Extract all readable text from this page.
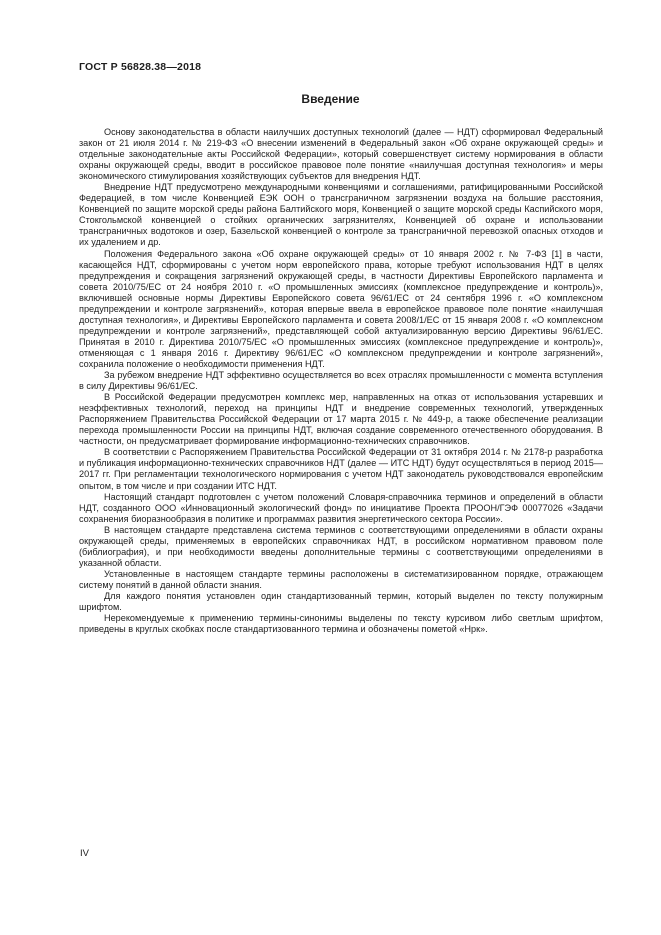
ГОСТ Р 56828.38—2018
Введение

Основу законодательства в области наилучших доступных технологий (далее — НДТ) сформировал Федеральный закон от 21 июля 2014 г. № 219-ФЗ «О внесении изменений в Федеральный закон «Об охране окружающей среды» и отдельные законодательные акты Российской Федерации», который совершенствует систему нормирования в области охраны окружающей среды, вводит в российское правовое поле понятие «наилучшая доступная технология» и меры экономического стимулирования хозяйствующих субъектов для внедрения НДТ.

Внедрение НДТ предусмотрено международными конвенциями и соглашениями, ратифицированными Российской Федерацией, в том числе Конвенцией ЕЭК ООН о трансграничном загрязнении воздуха на большие расстояния, Конвенцией по защите морской среды района Балтийского моря, Конвенцией о защите морской среды Каспийского моря, Стокгольмской конвенцией о стойких органических загрязнителях, Конвенцией об охране и использовании трансграничных водотоков и озер, Базельской конвенцией о контроле за трансграничной перевозкой опасных отходов и их удалением и др.

Положения Федерального закона «Об охране окружающей среды» от 10 января 2002 г. № 7-ФЗ [1] в части, касающейся НДТ, сформированы с учетом норм европейского права, которые требуют использования НДТ в целях предупреждения и сокращения загрязнений окружающей среды, в частности Директивы Европейского парламента и совета 2010/75/ЕС от 24 ноября 2010 г. «О промышленных эмиссиях (комплексное предупреждение и контроль)», включившей основные нормы Директивы Европейского совета 96/61/ЕС от 24 сентября 1996 г. «О комплексном предупреждении и контроле загрязнений», которая впервые ввела в европейское правовое поле понятие «наилучшая доступная технология», и Директивы Европейского парламента и совета 2008/1/ЕС от 15 января 2008 г. «О комплексном предупреждении и контроле загрязнений», представляющей собой актуализированную версию Директивы 96/61/ЕС. Принятая в 2010 г. Директива 2010/75/ЕС «О промышленных эмиссиях (комплексное предупреждение и контроль)», отменяющая с 1 января 2016 г. Директиву 96/61/ЕС «О комплексном предупреждении и контроле загрязнений», сохранила положение о необходимости применения НДТ.

За рубежом внедрение НДТ эффективно осуществляется во всех отраслях промышленности с момента вступления в силу Директивы 96/61/ЕС.

В Российской Федерации предусмотрен комплекс мер, направленных на отказ от использования устаревших и неэффективных технологий, переход на принципы НДТ и внедрение современных технологий, утвержденных Распоряжением Правительства Российской Федерации от 17 марта 2015 г. № 449-р, а также обеспечение реализации перехода промышленности России на принципы НДТ, включая создание современного отечественного оборудования. В частности, он предусматривает формирование информационно-технических справочников.

В соответствии с Распоряжением Правительства Российской Федерации от 31 октября 2014 г. № 2178-р разработка и публикация информационно-технических справочников НДТ (далее — ИТС НДТ) будут осуществляться в период 2015—2017 гг. При регламентации технологического нормирования с учетом НДТ законодатель руководствовался европейским опытом, в том числе и при создании ИТС НДТ.

Настоящий стандарт подготовлен с учетом положений Словаря-справочника терминов и определений в области НДТ, созданного ООО «Инновационный экологический фонд» по инициативе Проекта ПРООН/ГЭФ 00077026 «Задачи сохранения биоразнообразия в политике и программах развития энергетического сектора России».

В настоящем стандарте представлена система терминов с соответствующими определениями в области охраны окружающей среды, применяемых в европейских справочниках НДТ, в российском нормативном правовом поле (библиография), и при необходимости введены дополнительные термины с соответствующими определениями в указанной области.

Установленные в настоящем стандарте термины расположены в систематизированном порядке, отражающем систему понятий в данной области знания.

Для каждого понятия установлен один стандартизованный термин, который выделен по тексту полужирным шрифтом.

Нерекомендуемые к применению термины-синонимы выделены по тексту курсивом либо светлым шрифтом, приведены в круглых скобках после стандартизованного термина и обозначены пометой «Нрк».

IV
